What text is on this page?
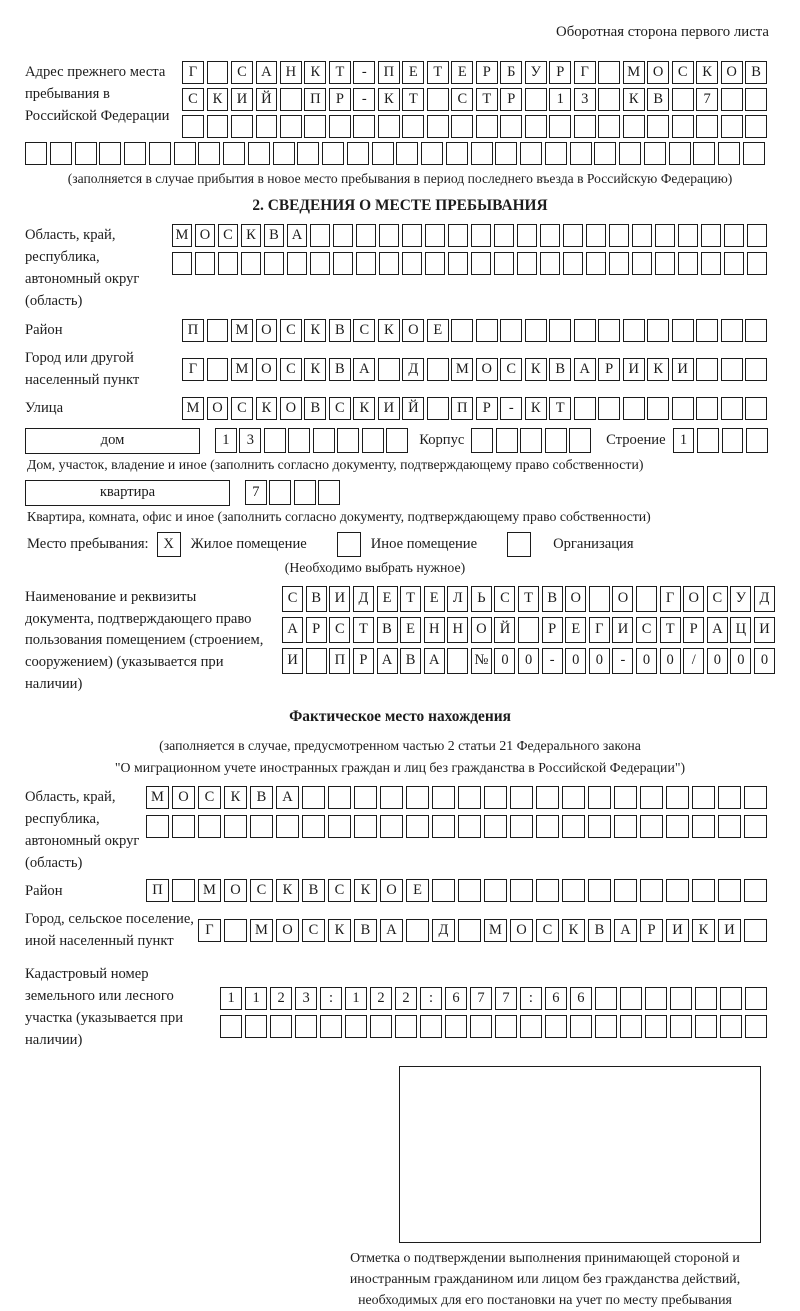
Оборотная сторона первого листа
Адрес прежнего места пребывания в Российской Федерации
Г	С А Н К	Т	-	П	Е	Т	Е	Р	Б	У	Р	Г	М О С	К О В
С	К И Й	П	Р	-	К	Т	С	Т	Р	1	3	К	В	7
(заполняется в случае прибытия в новое место пребывания в период последнего въезда в Российскую Федерацию)
2. СВЕДЕНИЯ О МЕСТЕ ПРЕБЫВАНИЯ
Область, край, республика, автономный округ (область)
М О С К В А
Район	П	М О С	К	В	С	К О	Е
Город или другой населенный пункт
Г	М О С	К	В А	Д	М О С	К	В А	Р	И К И
Улица	М О С	К О В	С	К И Й	П	Р	-	К	Т
дом	1	3	Корпус	Строение 1
Дом, участок, владение и иное (заполнить согласно документу, подтверждающему право собственности)
квартира	7
Квартира, комната, офис и иное (заполнить согласно документу, подтверждающему право собственности)
Место пребывания:	X	Жилое помещение	Иное помещение	Организация
(Необходимо выбрать нужное)
Наименование и реквизиты документа, подтверждающего право пользования помещением (строением, сооружением) (указывается при наличии)
С В И Д Е	Т	Е Л	Ь	С Т В О	О	Г О С У Д
А Р	С Т В Е Н Н О Й	Р	Е	Г И С Т	Р А Ц И
И	П Р А В А	№ 0	0	-	0	0	-	0	0	/	0	0	0
Фактическое место нахождения
(заполняется в случае, предусмотренном частью 2 статьи 21 Федерального закона
"О миграционном учете иностранных граждан и лиц без гражданства в Российской Федерации")
Область, край, республика, автономный округ (область)
М О	С	К	В	А
Район	П	М О	С	К	В	С	К	О	Е
Город, сельское поселение, иной населенный пункт
Г	М О	С	К	В	А	Д	М О	С	К	В	А	Р	И	К	И
Кадастровый номер земельного или лесного участка (указывается при наличии)
1	1	2	3	:	1	2	2	:	6	7	7	:	6	6
Отметка о подтверждении выполнения принимающей стороной и иностранным гражданином или лицом без гражданства действий, необходимых для его постановки на учет по месту пребывания
